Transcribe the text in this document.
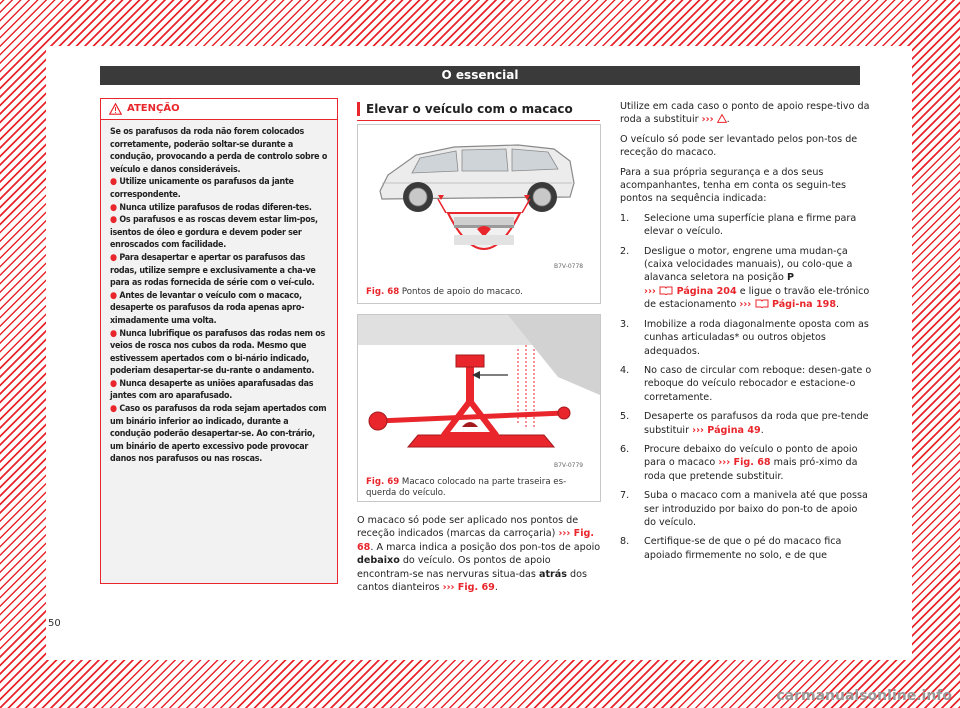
O essencial
ATENÇÃO

Se os parafusos da roda não forem colocados corretamente, poderão soltar-se durante a condução, provocando a perda de controlo sobre o veículo e danos consideráveis.

● Utilize unicamente os parafusos da jante correspondente.

● Nunca utilize parafusos de rodas diferen-tes.

● Os parafusos e as roscas devem estar lim-pos, isentos de óleo e gordura e devem poder ser enroscados com facilidade.

● Para desapertar e apertar os parafusos das rodas, utilize sempre e exclusivamente a cha-ve para as rodas fornecida de série com o veí-culo.

● Antes de levantar o veículo com o macaco, desaperte os parafusos da roda apenas apro-ximadamente uma volta.

● Nunca lubrifique os parafusos das rodas nem os veios de rosca nos cubos da roda. Mesmo que estivessem apertados com o bi-nário indicado, poderiam desapertar-se du-rante o andamento.

● Nunca desaperte as uniões aparafusadas das jantes com aro aparafusado.

● Caso os parafusos da roda sejam apertados com um binário inferior ao indicado, durante a condução poderão desapertar-se. Ao con-trário, um binário de aperto excessivo pode provocar danos nos parafusos ou nas roscas.

50
Elevar o veículo com o macaco
B7V-0778
Fig. 68 Pontos de apoio do macaco.
B7V-0779
Fig. 69 Macaco colocado na parte traseira es-querda do veículo.

O macaco só pode ser aplicado nos pontos de receção indicados (marcas da carroçaria) ››› Fig. 68. A marca indica a posição dos pon-tos de apoio debaixo do veículo. Os pontos de apoio encontram-se nas nervuras situa-das atrás dos cantos dianteiros ››› Fig. 69.

Utilize em cada caso o ponto de apoio respe-tivo da roda a substituir ››› .

O veículo só pode ser levantado pelos pon-tos de receção do macaco.

Para a sua própria segurança e a dos seus acompanhantes, tenha em conta os seguin-tes pontos na sequência indicada:

1. Selecione uma superfície plana e firme para elevar o veículo.
2. Desligue o motor, engrene uma mudan-ça (caixa velocidades manuais), ou colo-que a alavanca seletora na posição P
››› Página 204 e ligue o travão ele-trónico de estacionamento ››› Pági-na 198.
3. Imobilize a roda diagonalmente oposta com as cunhas articuladas* ou outros objetos adequados.
4. No caso de circular com reboque: desen-gate o reboque do veículo rebocador e estacione-o corretamente.
5. Desaperte os parafusos da roda que pre-tende substituir ››› Página 49.
6. Procure debaixo do veículo o ponto de apoio para o macaco ››› Fig. 68 mais pró-ximo da roda que pretende substituir.
7. Suba o macaco com a manivela até que possa ser introduzido por baixo do pon-to de apoio do veículo.
8. Certifique-se de que o pé do macaco fica apoiado firmemente no solo, e de que
carmanualsonline.info
